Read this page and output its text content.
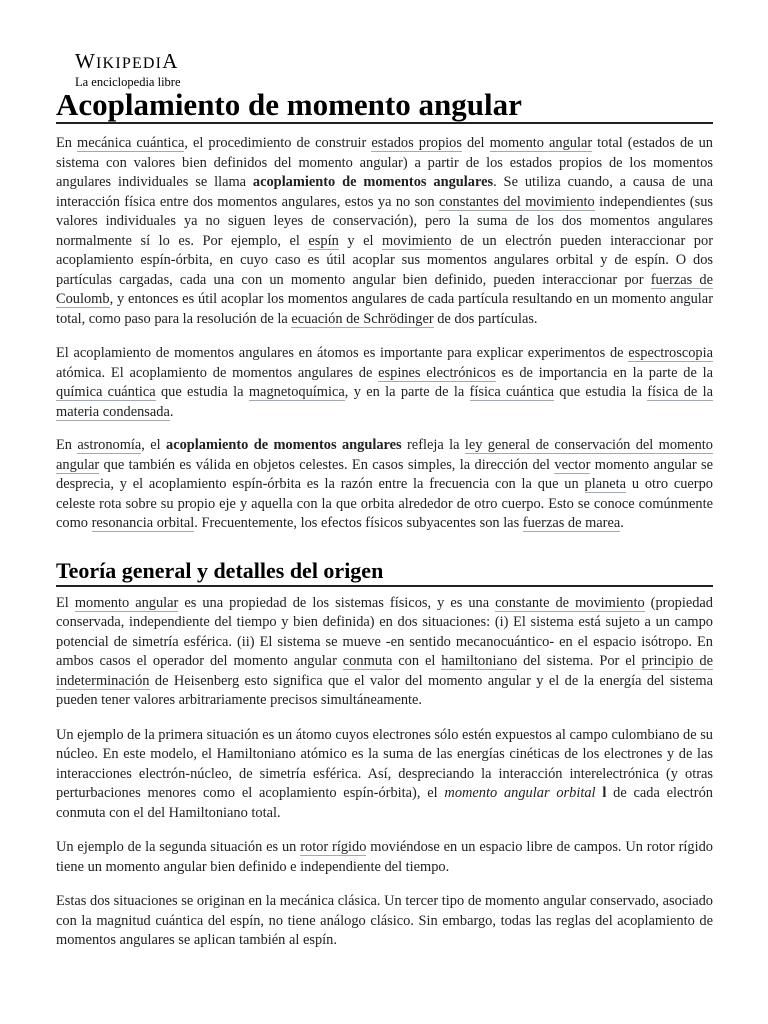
WIKIPEDIA
La enciclopedia libre
Acoplamiento de momento angular

En mecánica cuántica, el procedimiento de construir estados propios del momento angular total (estados de un sistema con valores bien definidos del momento angular) a partir de los estados propios de los momentos angulares individuales se llama acoplamiento de momentos angulares. Se utiliza cuando, a causa de una interacción física entre dos momentos angulares, estos ya no son constantes del movimiento independientes (sus valores individuales ya no siguen leyes de conservación), pero la suma de los dos momentos angulares normalmente sí lo es. Por ejemplo, el espín y el movimiento de un electrón pueden interaccionar por acoplamiento espín-órbita, en cuyo caso es útil acoplar sus momentos angulares orbital y de espín. O dos partículas cargadas, cada una con un momento angular bien definido, pueden interaccionar por fuerzas de Coulomb, y entonces es útil acoplar los momentos angulares de cada partícula resultando en un momento angular total, como paso para la resolución de la ecuación de Schrödinger de dos partículas.

El acoplamiento de momentos angulares en átomos es importante para explicar experimentos de espectroscopia atómica. El acoplamiento de momentos angulares de espines electrónicos es de importancia en la parte de la química cuántica que estudia la magnetoquímica, y en la parte de la física cuántica que estudia la física de la materia condensada.

En astronomía, el acoplamiento de momentos angulares refleja la ley general de conservación del momento angular que también es válida en objetos celestes. En casos simples, la dirección del vector momento angular se desprecia, y el acoplamiento espín-órbita es la razón entre la frecuencia con la que un planeta u otro cuerpo celeste rota sobre su propio eje y aquella con la que orbita alrededor de otro cuerpo. Esto se conoce comúnmente como resonancia orbital. Frecuentemente, los efectos físicos subyacentes son las fuerzas de marea.

Teoría general y detalles del origen

El momento angular es una propiedad de los sistemas físicos, y es una constante de movimiento (propiedad conservada, independiente del tiempo y bien definida) en dos situaciones: (i) El sistema está sujeto a un campo potencial de simetría esférica. (ii) El sistema se mueve -en sentido mecanocuántico- en el espacio isótropo. En ambos casos el operador del momento angular conmuta con el hamiltoniano del sistema. Por el principio de indeterminación de Heisenberg esto significa que el valor del momento angular y el de la energía del sistema pueden tener valores arbitrariamente precisos simultáneamente.

Un ejemplo de la primera situación es un átomo cuyos electrones sólo estén expuestos al campo culombiano de su núcleo. En este modelo, el Hamiltoniano atómico es la suma de las energías cinéticas de los electrones y de las interacciones electrón-núcleo, de simetría esférica. Así, despreciando la interacción interelectrónica (y otras perturbaciones menores como el acoplamiento espín-órbita), el momento angular orbital l de cada electrón conmuta con el del Hamiltoniano total.

Un ejemplo de la segunda situación es un rotor rígido moviéndose en un espacio libre de campos. Un rotor rígido tiene un momento angular bien definido e independiente del tiempo.

Estas dos situaciones se originan en la mecánica clásica. Un tercer tipo de momento angular conservado, asociado con la magnitud cuántica del espín, no tiene análogo clásico. Sin embargo, todas las reglas del acoplamiento de momentos angulares se aplican también al espín.
